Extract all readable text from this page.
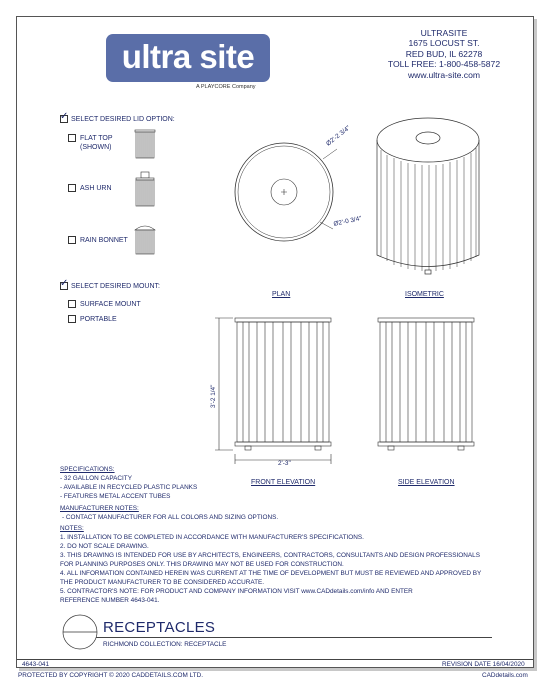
ultra site
A PLAYCORE Company
ULTRASITE
1675 LOCUST ST.
RED BUD, IL 62278
TOLL FREE: 1-800-458-5872
www.ultra-site.com
✓
SELECT DESIRED LID OPTION:
FLAT TOP
(SHOWN)
ASH URN
RAIN BONNET
✓
SELECT DESIRED MOUNT:
SURFACE MOUNT
PORTABLE
Ø2'-2 3/4"
Ø2'-0 3/4"
PLAN	ISOMETRIC
3'-2 1/4"
2'-3"
FRONT ELEVATION	SIDE ELEVATION
SPECIFICATIONS:
- 32 GALLON CAPACITY
- AVAILABLE IN RECYCLED PLASTIC PLANKS
- FEATURES METAL ACCENT TUBES
MANUFACTURER NOTES:
- CONTACT MANUFACTURER FOR ALL COLORS AND SIZING OPTIONS.
NOTES:
1. INSTALLATION TO BE COMPLETED IN ACCORDANCE WITH MANUFACTURER'S SPECIFICATIONS.
2. DO NOT SCALE DRAWING.
3. THIS DRAWING IS INTENDED FOR USE BY ARCHITECTS, ENGINEERS, CONTRACTORS, CONSULTANTS AND DESIGN PROFESSIONALS
FOR PLANNING PURPOSES ONLY. THIS DRAWING MAY NOT BE USED FOR CONSTRUCTION.
4. ALL INFORMATION CONTAINED HEREIN WAS CURRENT AT THE TIME OF DEVELOPMENT BUT MUST BE REVIEWED AND APPROVED BY
THE PRODUCT MANUFACTURER TO BE CONSIDERED ACCURATE.
5. CONTRACTOR'S NOTE: FOR PRODUCT AND COMPANY INFORMATION VISIT www.CADdetails.com/info AND ENTER
REFERENCE NUMBER 4643-041.
RECEPTACLES
RICHMOND COLLECTION: RECEPTACLE
4643-041	REVISION DATE 16/04/2020
PROTECTED BY COPYRIGHT © 2020 CADDETAILS.COM LTD.	CADdetails.com
